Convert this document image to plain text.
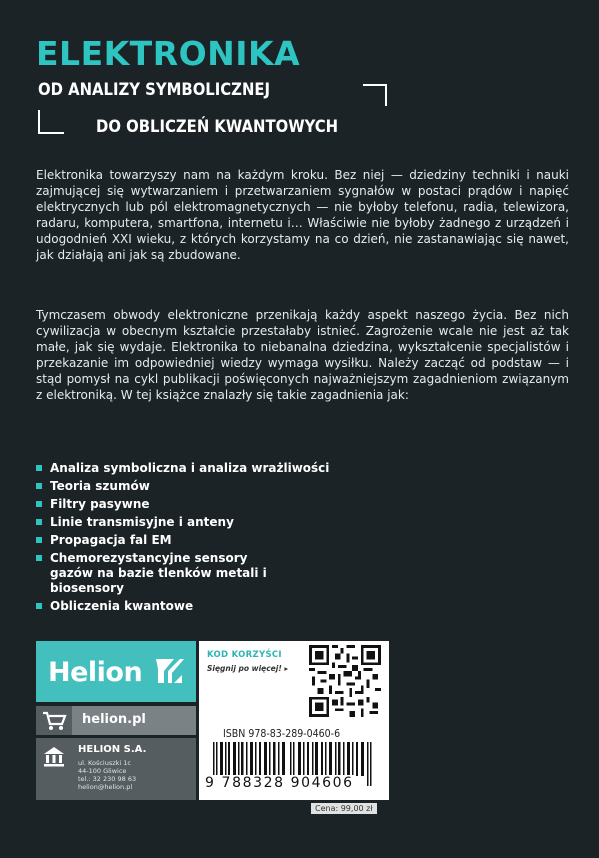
ELEKTRONIKA
OD ANALIZY SYMBOLICZNEJ
DO OBLICZEŃ KWANTOWYCH
Elektronika towarzyszy nam na każdym kroku. Bez niej — dziedziny techniki i nauki zajmującej się wytwarzaniem i przetwarzaniem sygnałów w postaci prądów i napięć elektrycznych lub pól elektromagnetycznych — nie byłoby telefonu, radia, telewizora, radaru, komputera, smartfona, internetu i… Właściwie nie byłoby żadnego z urządzeń i udogodnień XXI wieku, z których korzystamy na co dzień, nie zastanawiając się nawet, jak działają ani jak są zbudowane.
Tymczasem obwody elektroniczne przenikają każdy aspekt naszego życia. Bez nich cywilizacja w obecnym kształcie przestałaby istnieć. Zagrożenie wcale nie jest aż tak małe, jak się wydaje. Elektronika to niebanalna dziedzina, wykształcenie specjalistów i przekazanie im odpowiedniej wiedzy wymaga wysiłku. Należy zacząć od podstaw — i stąd pomysł na cykl publikacji poświęconych najważniejszym zagadnieniom związanym z elektroniką. W tej książce znalazły się takie zagadnienia jak:
Analiza symboliczna i analiza wrażliwości
Teoria szumów
Filtry pasywne
Linie transmisyjne i anteny
Propagacja fal EM
Chemorezystancyjne sensory gazów na bazie tlenków metali i biosensory
Obliczenia kwantowe
Helion
helion.pl
HELION S.A.
ul. Kościuszki 1c
44-100 Gliwice
tel.: 32 230 98 63
helion@helion.pl
KOD KORZYŚCI
Sięgnij po więcej! ▸
ISBN 978-83-289-0460-6
9 788328 904606
Cena: 99,00 zł
